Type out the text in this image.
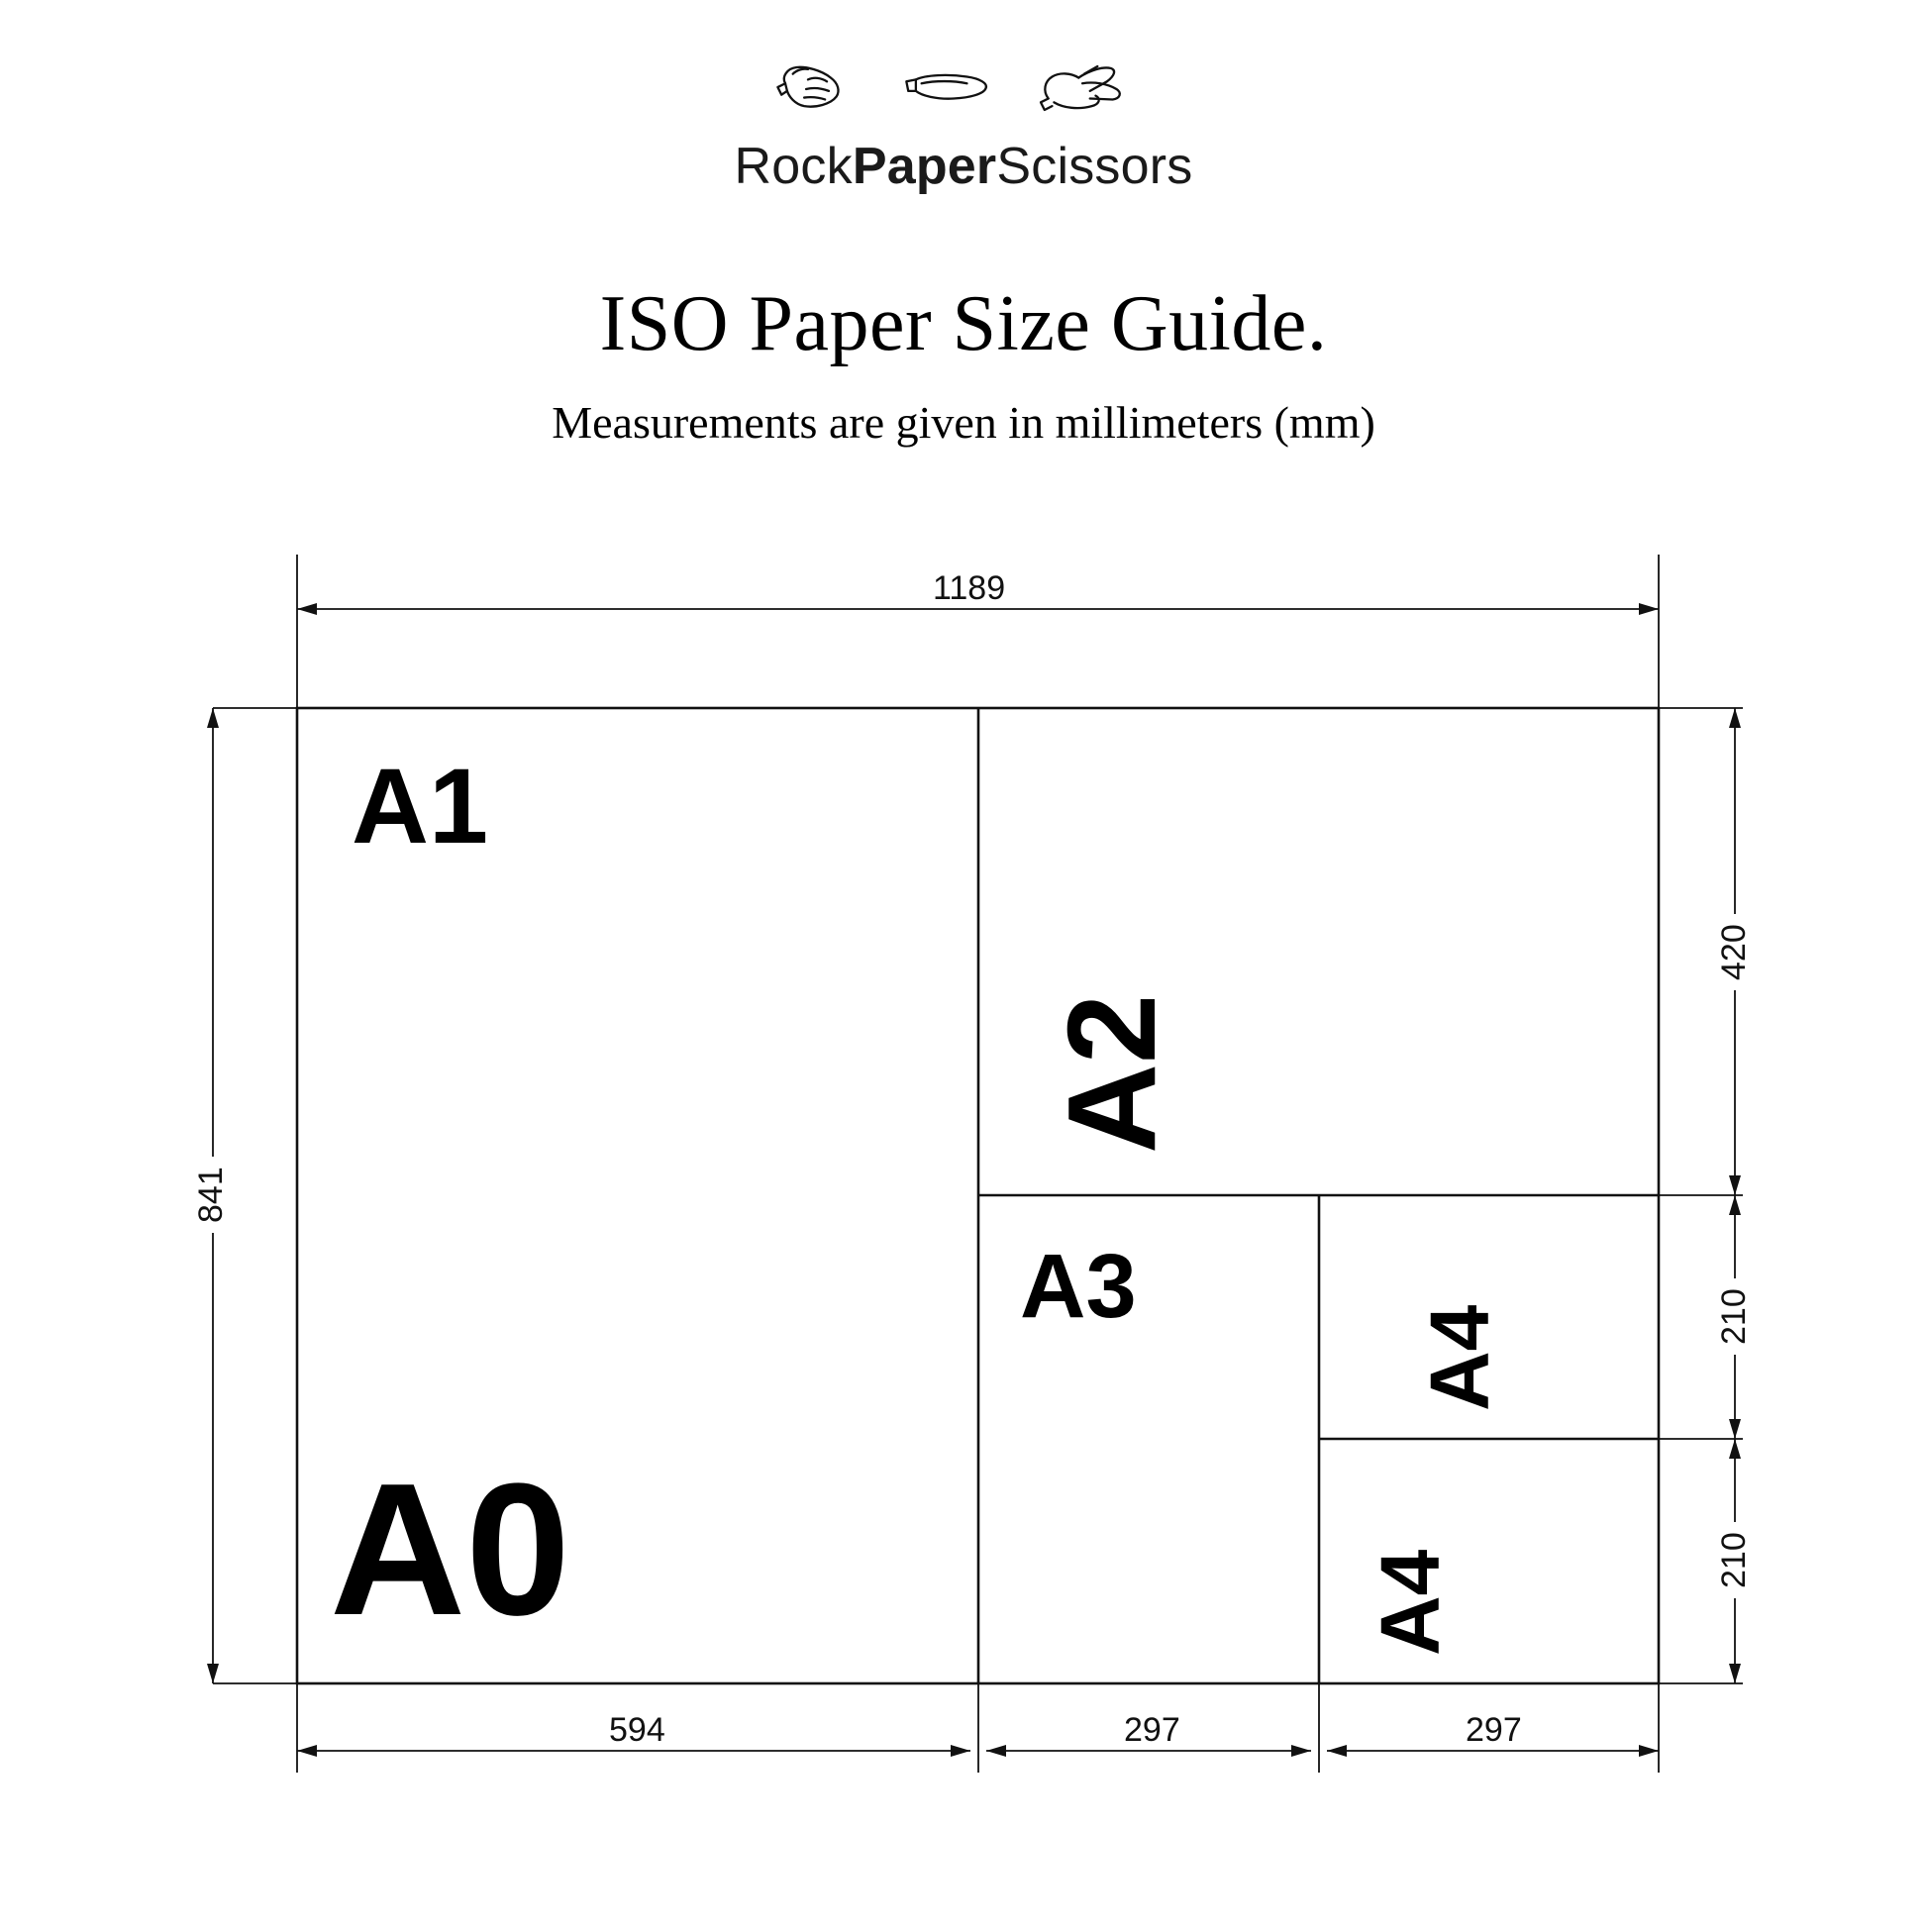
RockPaperScissors
ISO Paper Size Guide.
Measurements are given in millimeters (mm)
A1
A2
A3
A4
A4
A0
1189
841
420
210
210
594	297	297
